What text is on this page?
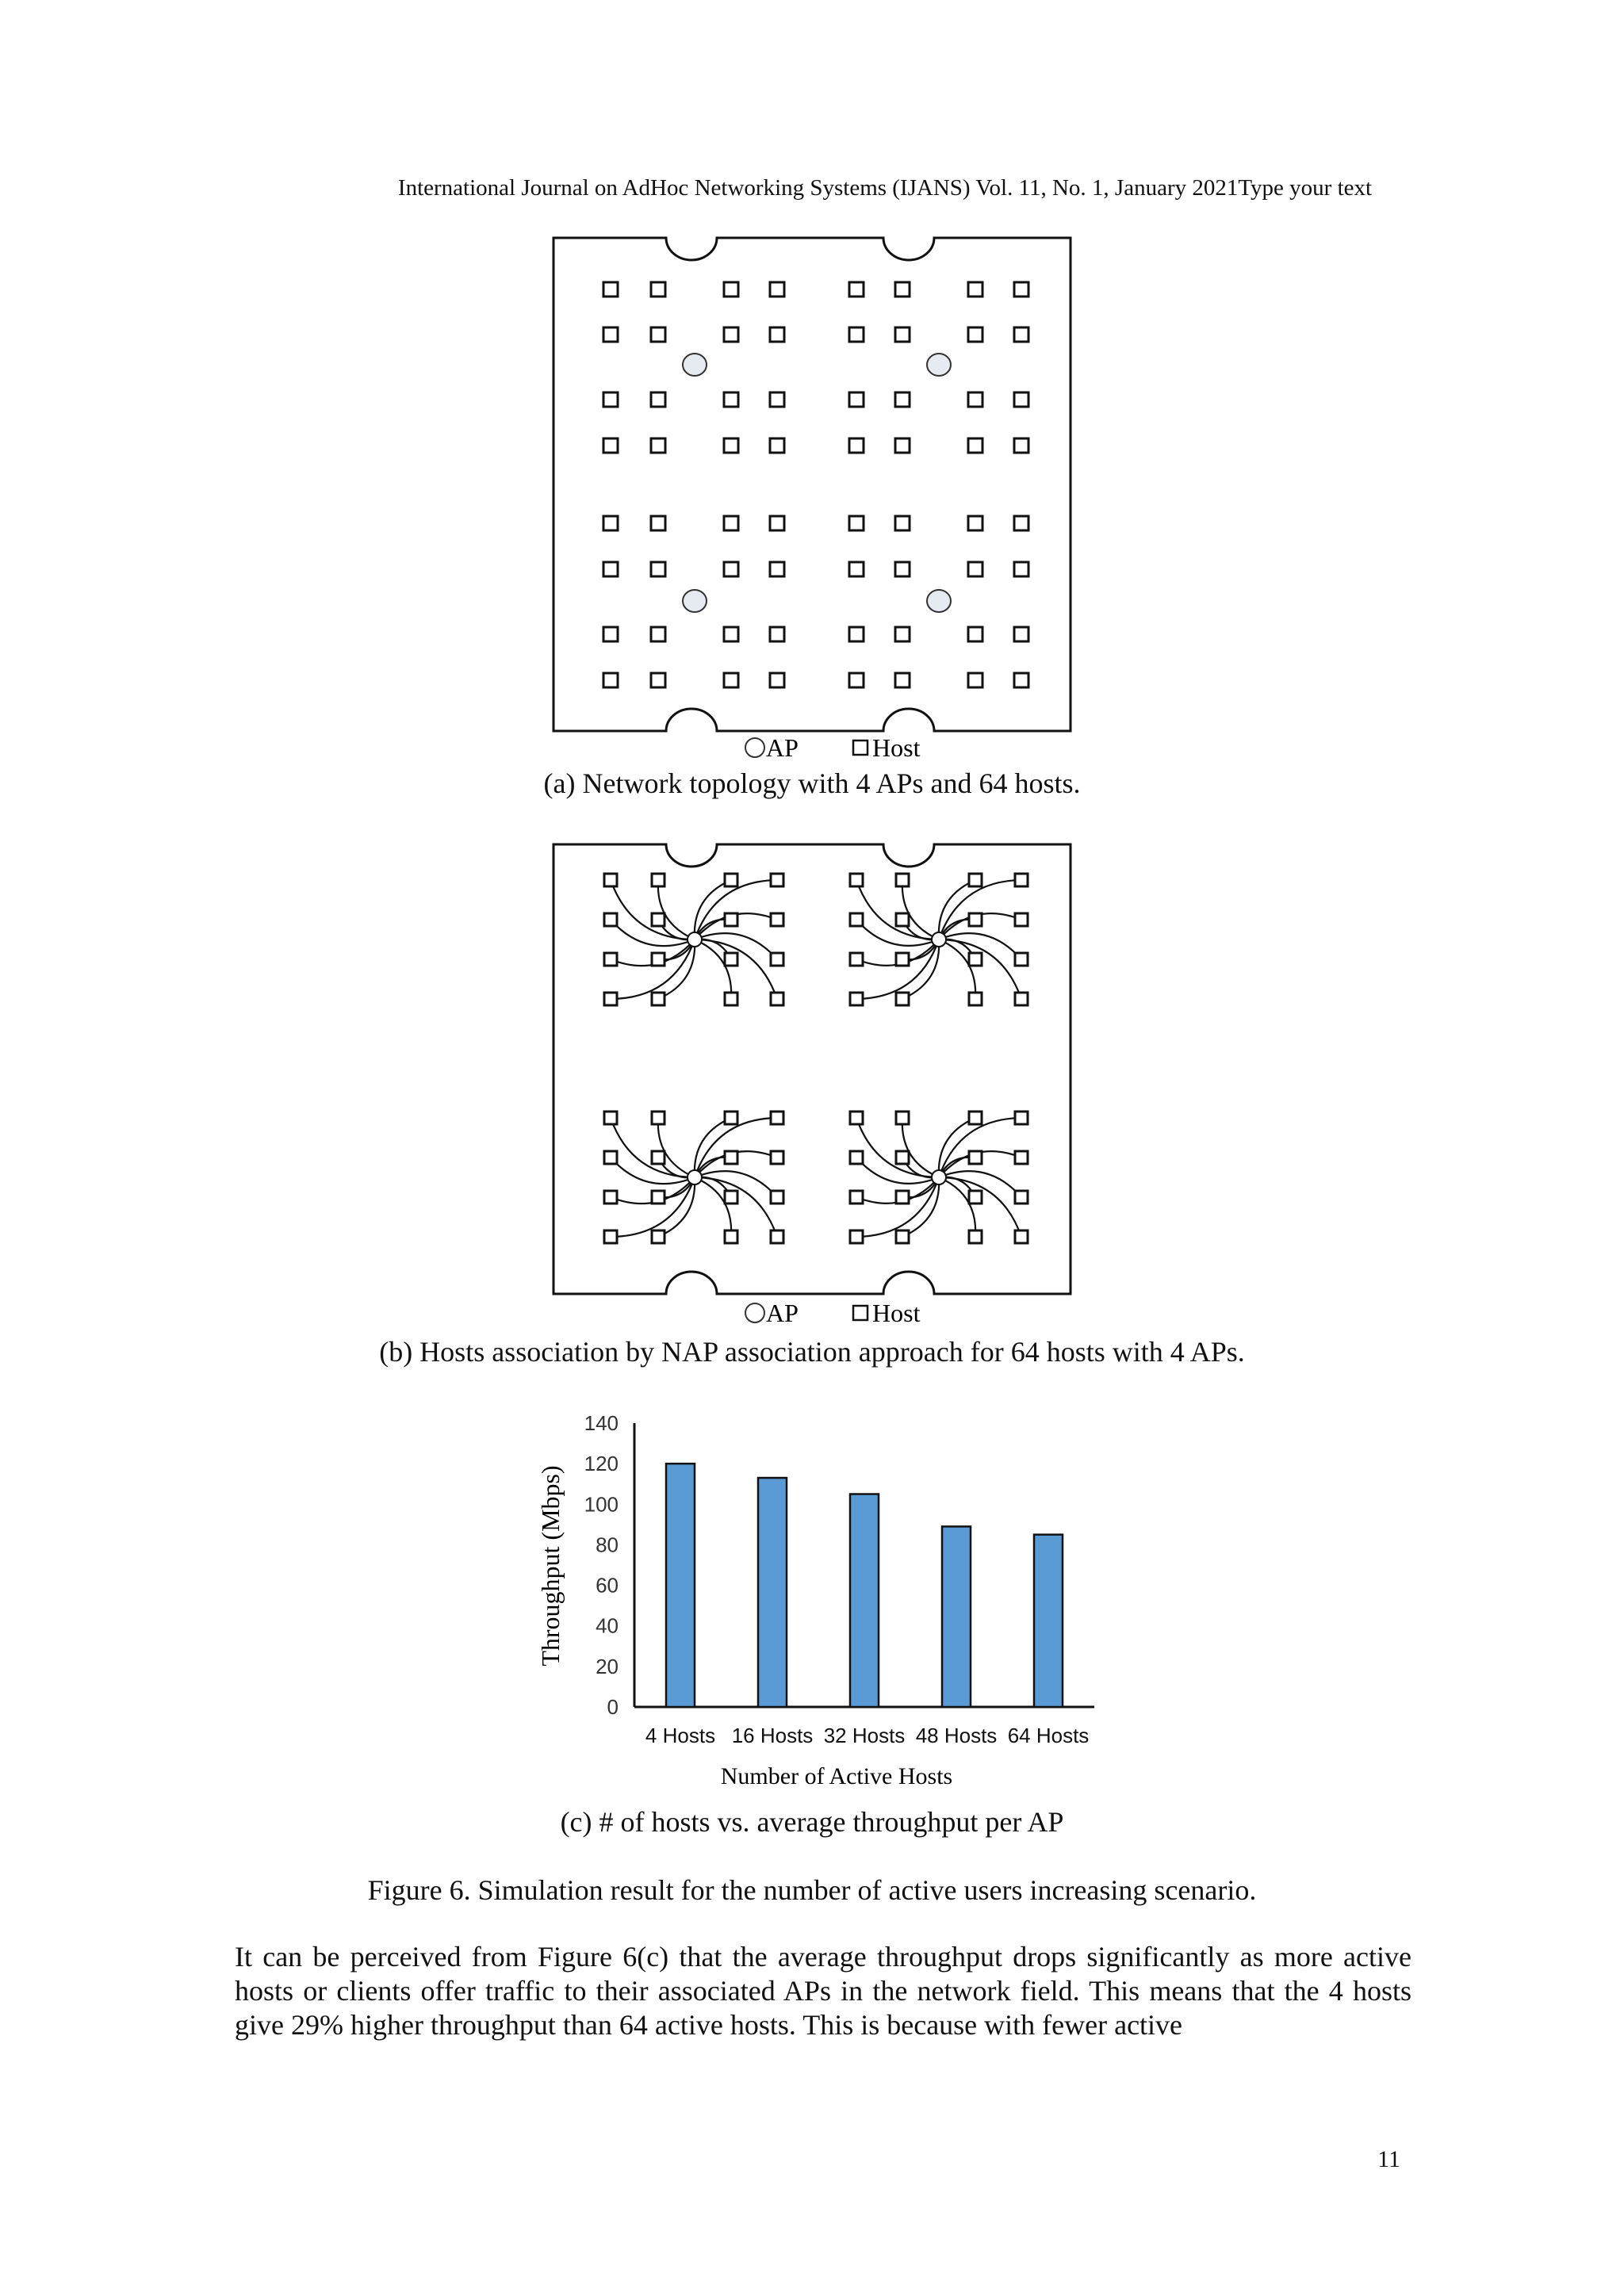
International Journal on AdHoc Networking Systems (IJANS) Vol. 11, No. 1, January 2021Type your text
AP	Host
(a) Network topology with 4 APs and 64 hosts.
AP	Host
(b) Hosts association by NAP association approach for 64 hosts with 4 APs.
0
20
40
60
80
100
120
140
4 Hosts 16 Hosts 32 Hosts 48 Hosts 64 Hosts
Throughput (Mbps)
Number of Active Hosts
(c) # of hosts vs. average throughput per AP
Figure 6. Simulation result for the number of active users increasing scenario.
It can be perceived from Figure 6(c) that the average throughput drops significantly as more active hosts or clients offer traffic to their associated APs in the network field. This means that the 4 hosts give 29% higher throughput than 64 active hosts. This is because with fewer active
11
